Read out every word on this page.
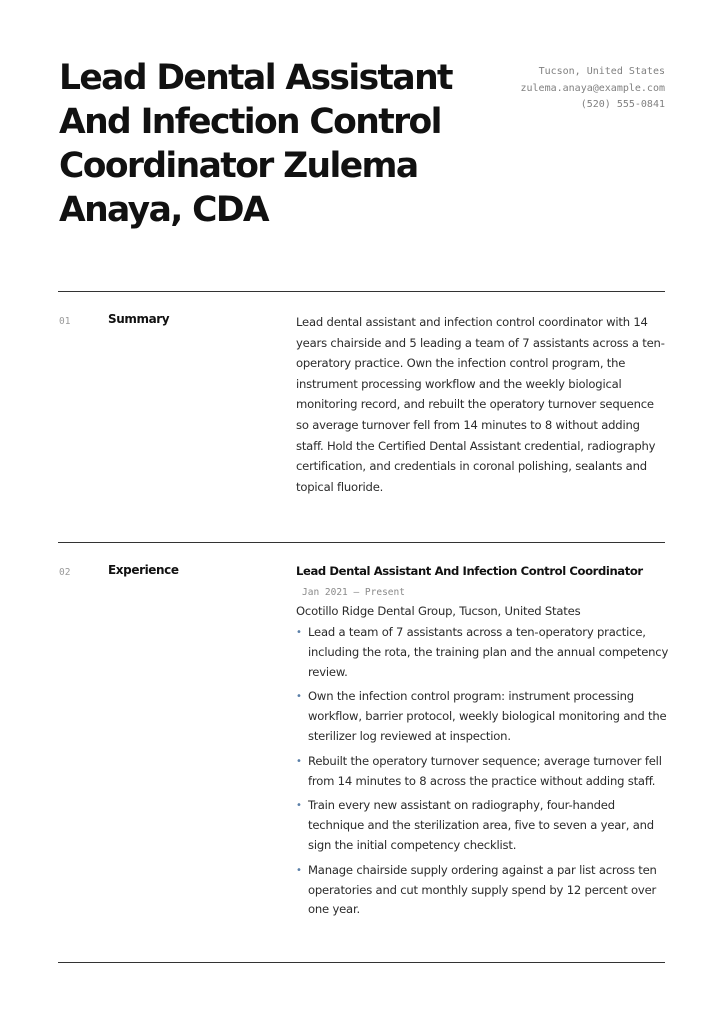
Lead Dental Assistant And Infection Control Coordinator Zulema Anaya, CDA
Tucson, United States
zulema.anaya@example.com
(520) 555-0841
01	Summary	Lead dental assistant and infection control coordinator with 14 years chairside and 5 leading a team of 7 assistants across a ten-operatory practice. Own the infection control program, the instrument processing workflow and the weekly biological monitoring record, and rebuilt the operatory turnover sequence so average turnover fell from 14 minutes to 8 without adding staff. Hold the Certified Dental Assistant credential, radiography certification, and credentials in coronal polishing, sealants and topical fluoride.

02	Experience	Lead Dental Assistant And Infection Control Coordinator
Jan 2021 – Present
Ocotillo Ridge Dental Group, Tucson, United States
• Lead a team of 7 assistants across a ten-operatory practice, including the rota, the training plan and the annual competency review.
• Own the infection control program: instrument processing workflow, barrier protocol, weekly biological monitoring and the sterilizer log reviewed at inspection.
• Rebuilt the operatory turnover sequence; average turnover fell from 14 minutes to 8 across the practice without adding staff.
• Train every new assistant on radiography, four-handed technique and the sterilization area, five to seven a year, and sign the initial competency checklist.
• Manage chairside supply ordering against a par list across ten operatories and cut monthly supply spend by 12 percent over one year.
